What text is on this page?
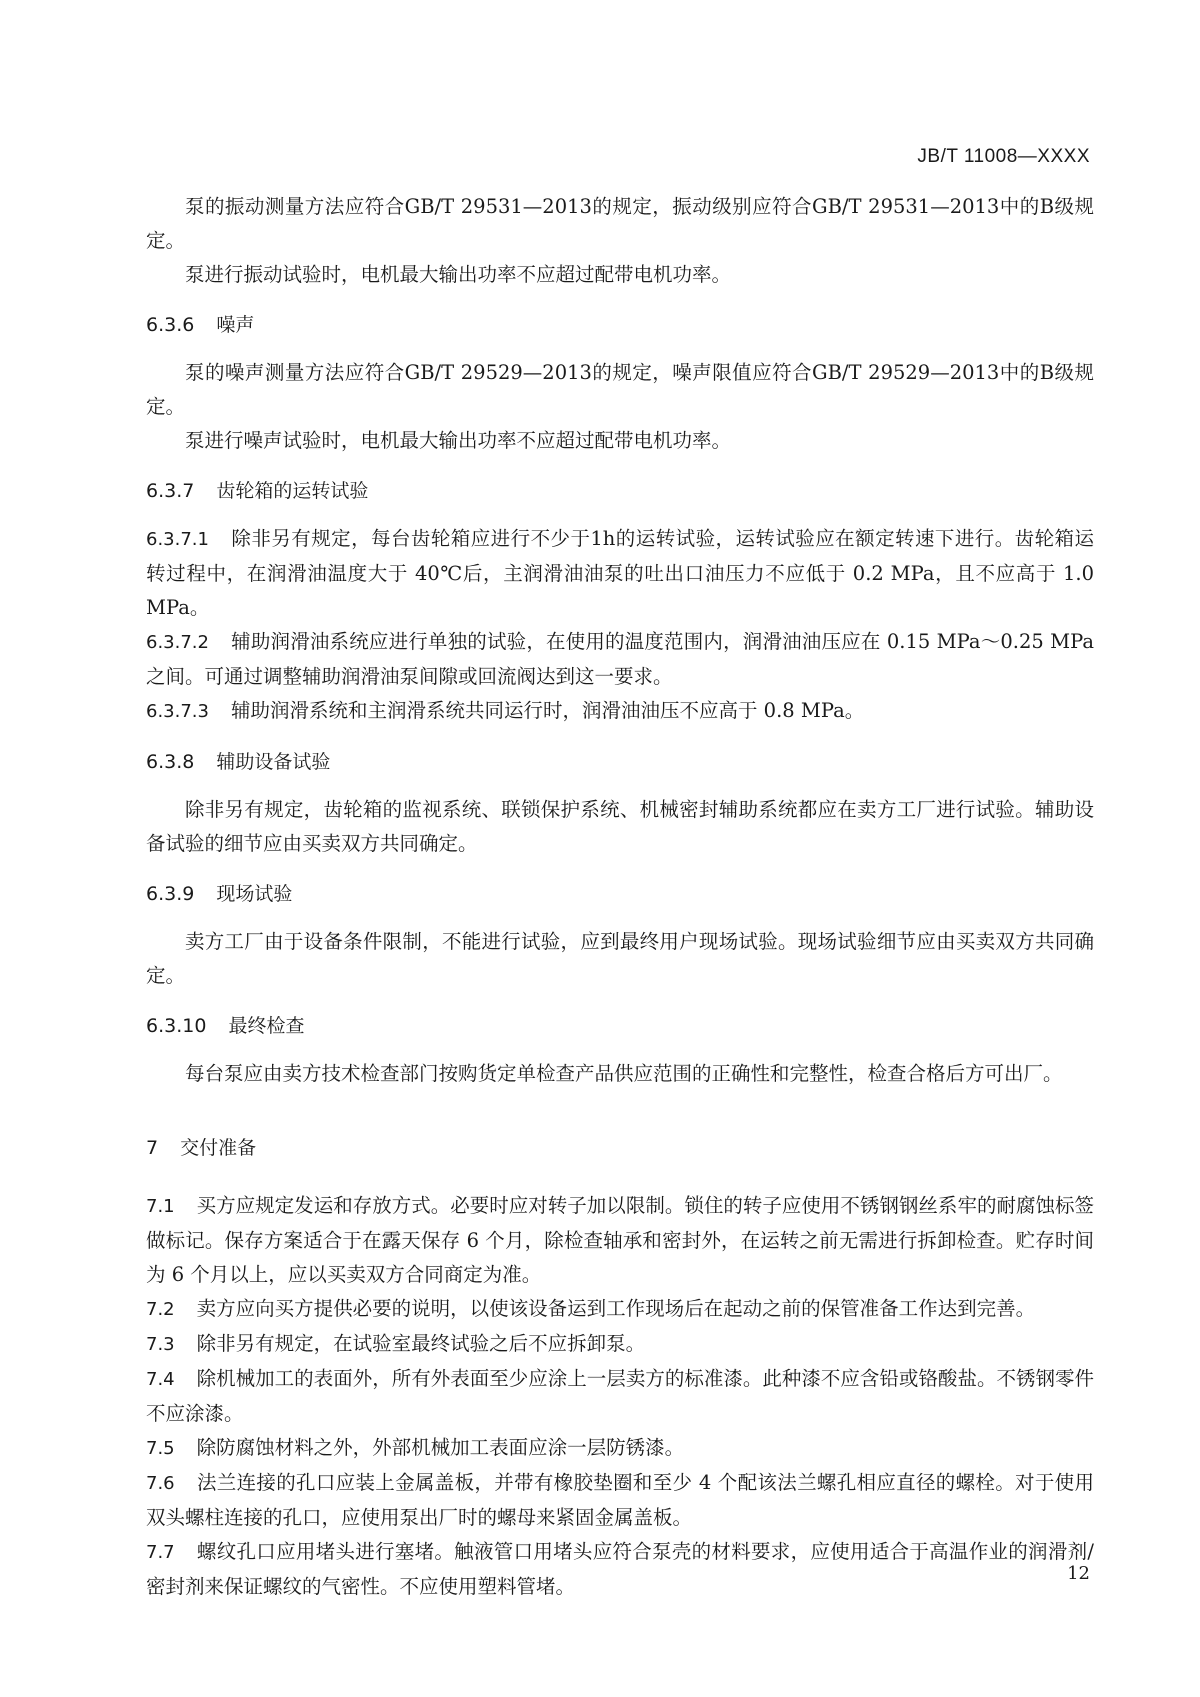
JB/T 11008—XXXX

泵的振动测量方法应符合GB/T 29531—2013的规定，振动级别应符合GB/T 29531—2013中的B级规定。

泵进行振动试验时，电机最大输出功率不应超过配带电机功率。

6.3.6 噪声

泵的噪声测量方法应符合GB/T 29529—2013的规定，噪声限值应符合GB/T 29529—2013中的B级规定。

泵进行噪声试验时，电机最大输出功率不应超过配带电机功率。

6.3.7 齿轮箱的运转试验

6.3.7.1 除非另有规定，每台齿轮箱应进行不少于1h的运转试验，运转试验应在额定转速下进行。齿轮箱运转过程中，在润滑油温度大于 40℃后，主润滑油油泵的吐出口油压力不应低于 0.2 MPa，且不应高于 1.0 MPa。

6.3.7.2 辅助润滑油系统应进行单独的试验，在使用的温度范围内，润滑油油压应在 0.15 MPa～0.25 MPa 之间。可通过调整辅助润滑油泵间隙或回流阀达到这一要求。

6.3.7.3 辅助润滑系统和主润滑系统共同运行时，润滑油油压不应高于 0.8 MPa。

6.3.8 辅助设备试验

除非另有规定，齿轮箱的监视系统、联锁保护系统、机械密封辅助系统都应在卖方工厂进行试验。辅助设备试验的细节应由买卖双方共同确定。

6.3.9 现场试验

卖方工厂由于设备条件限制，不能进行试验，应到最终用户现场试验。现场试验细节应由买卖双方共同确定。

6.3.10 最终检查

每台泵应由卖方技术检查部门按购货定单检查产品供应范围的正确性和完整性，检查合格后方可出厂。

7 交付准备

7.1 买方应规定发运和存放方式。必要时应对转子加以限制。锁住的转子应使用不锈钢钢丝系牢的耐腐蚀标签做标记。保存方案适合于在露天保存 6 个月，除检查轴承和密封外，在运转之前无需进行拆卸检查。贮存时间为 6 个月以上，应以买卖双方合同商定为准。

7.2 卖方应向买方提供必要的说明，以使该设备运到工作现场后在起动之前的保管准备工作达到完善。

7.3 除非另有规定，在试验室最终试验之后不应拆卸泵。

7.4 除机械加工的表面外，所有外表面至少应涂上一层卖方的标准漆。此种漆不应含铅或铬酸盐。不锈钢零件不应涂漆。

7.5 除防腐蚀材料之外，外部机械加工表面应涂一层防锈漆。

7.6 法兰连接的孔口应装上金属盖板，并带有橡胶垫圈和至少 4 个配该法兰螺孔相应直径的螺栓。对于使用双头螺柱连接的孔口，应使用泵出厂时的螺母来紧固金属盖板。

7.7 螺纹孔口应用堵头进行塞堵。触液管口用堵头应符合泵壳的材料要求，应使用适合于高温作业的润滑剂/密封剂来保证螺纹的气密性。不应使用塑料管堵。

12
